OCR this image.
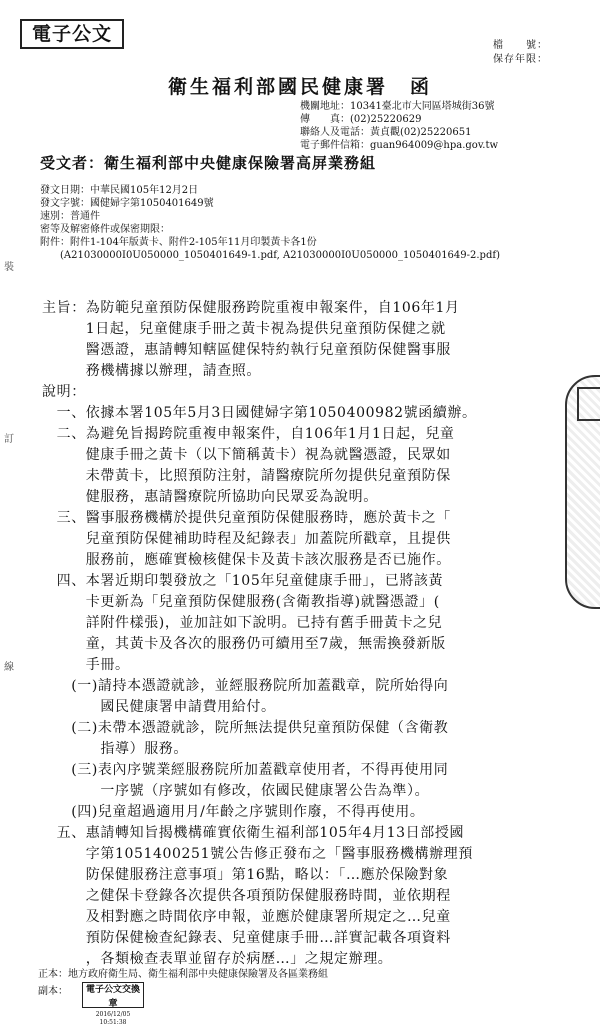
電子公文
檔　　號：
保存年限：
衛生福利部國民健康署　函
機關地址：10341臺北市大同區塔城街36號
傳　　真：(02)25220629
聯絡人及電話：黃貞觀(02)25220651
電子郵件信箱：guan964009@hpa.gov.tw
受文者：衛生福利部中央健康保險署高屏業務組
發文日期：中華民國105年12月2日
發文字號：國健婦字第1050401649號
速別：普通件
密等及解密條件或保密期限：
附件：附件1-104年版黃卡、附件2-105年11月印製黃卡各1份
　　(A21030000I0U050000_1050401649-1.pdf, A21030000I0U050000_1050401649-2.pdf)
主旨：為防範兒童預防保健服務跨院重複申報案件，自106年1月
　　　1日起，兒童健康手冊之黃卡視為提供兒童預防保健之就
　　　醫憑證，惠請轉知轄區健保特約執行兒童預防保健醫事服
　　　務機構據以辦理，請查照。
說明：
　一、依據本署105年5月3日國健婦字第1050400982號函續辦。
　二、為避免旨揭跨院重複申報案件，自106年1月1日起，兒童
　　　健康手冊之黃卡（以下簡稱黃卡）視為就醫憑證，民眾如
　　　未帶黃卡，比照預防注射，請醫療院所勿提供兒童預防保
　　　健服務，惠請醫療院所協助向民眾妥為說明。
　三、醫事服務機構於提供兒童預防保健服務時，應於黃卡之「
　　　兒童預防保健補助時程及紀錄表」加蓋院所戳章，且提供
　　　服務前，應確實檢核健保卡及黃卡該次服務是否已施作。
　四、本署近期印製發放之「105年兒童健康手冊」，已將該黃
　　　卡更新為「兒童預防保健服務(含衛教指導)就醫憑證」(
　　　詳附件樣張)，並加註如下說明。已持有舊手冊黃卡之兒
　　　童，其黃卡及各次的服務仍可續用至7歲，無需換發新版
　　　手冊。
　　(一)請持本憑證就診，並經服務院所加蓋戳章，院所始得向
　　　　國民健康署申請費用給付。
　　(二)未帶本憑證就診，院所無法提供兒童預防保健（含衛教
　　　　指導）服務。
　　(三)表內序號業經服務院所加蓋戳章使用者，不得再使用同
　　　　一序號（序號如有修改，依國民健康署公告為準）。
　　(四)兒童超過適用月/年齡之序號則作廢，不得再使用。
　五、惠請轉知旨揭機構確實依衛生福利部105年4月13日部授國
　　　字第1051400251號公告修正發布之「醫事服務機構辦理預
　　　防保健服務注意事項」第16點，略以：「…應於保險對象
　　　之健保卡登錄各次提供各項預防保健服務時間，並依期程
　　　及相對應之時間依序申報，並應於健康署所規定之…兒童
　　　預防保健檢查紀錄表、兒童健康手冊…詳實記載各項資料
　　　，各類檢查表單並留存於病歷…」之規定辦理。
裝
訂
線
正本：地方政府衛生局、衛生福利部中央健康保險署及各區業務組
副本：	電子公文交換章
2016/12/05 10:51:38
